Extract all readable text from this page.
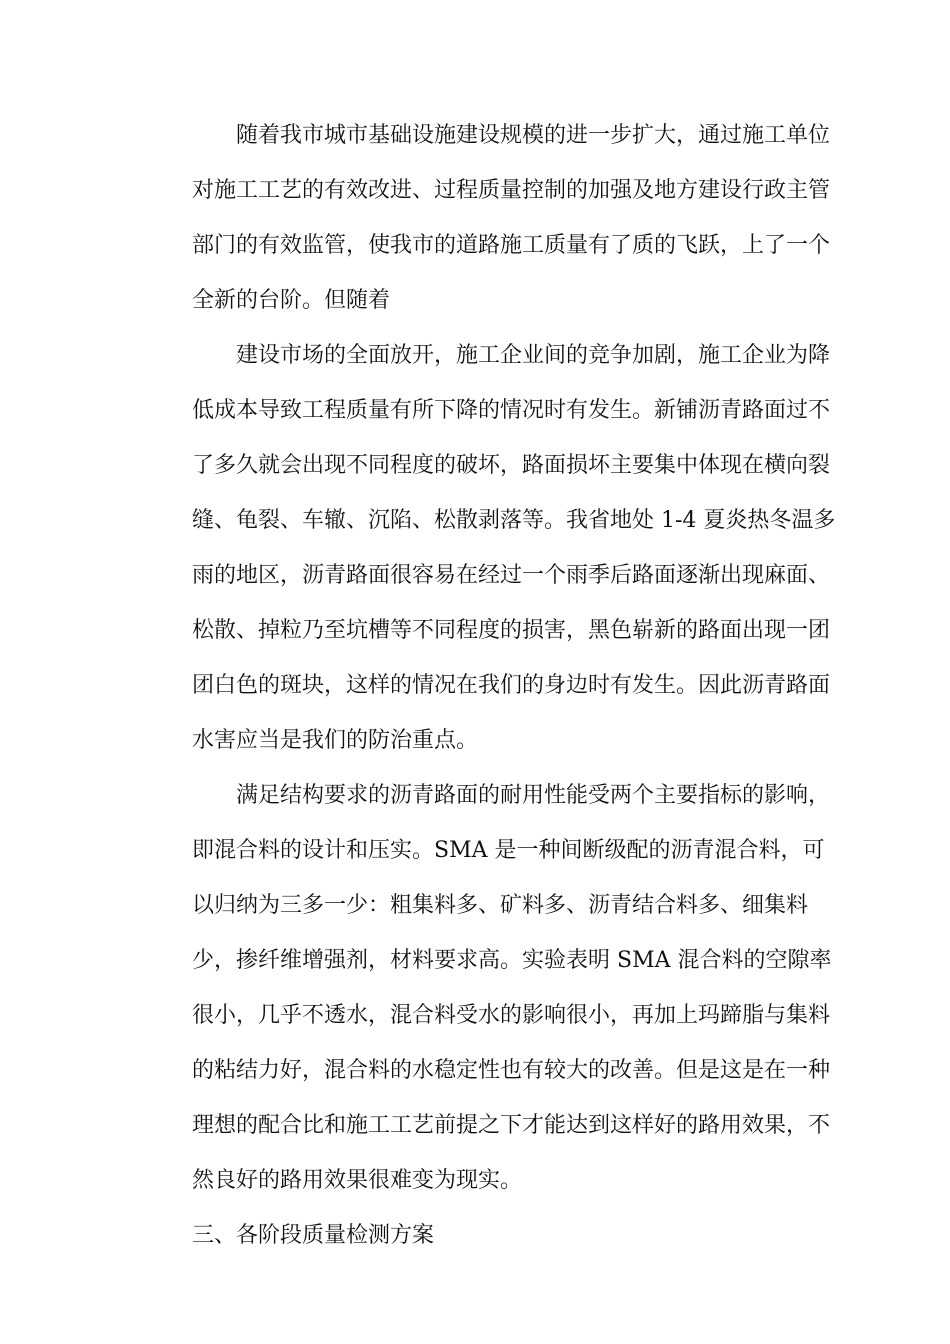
随着我市城市基础设施建设规模的进一步扩大，通过施工单位
对施工工艺的有效改进、过程质量控制的加强及地方建设行政主管
部门的有效监管，使我市的道路施工质量有了质的飞跃，上了一个
全新的台阶。但随着
建设市场的全面放开，施工企业间的竞争加剧，施工企业为降
低成本导致工程质量有所下降的情况时有发生。新铺沥青路面过不
了多久就会出现不同程度的破坏，路面损坏主要集中体现在横向裂
缝、龟裂、车辙、沉陷、松散剥落等。我省地处 1-4 夏炎热冬温多
雨的地区，沥青路面很容易在经过一个雨季后路面逐渐出现麻面、
松散、掉粒乃至坑槽等不同程度的损害，黑色崭新的路面出现一团
团白色的斑块，这样的情况在我们的身边时有发生。因此沥青路面
水害应当是我们的防治重点。
满足结构要求的沥青路面的耐用性能受两个主要指标的影响，
即混合料的设计和压实。SMA 是一种间断级配的沥青混合料，可
以归纳为三多一少：粗集料多、矿料多、沥青结合料多、细集料
少，掺纤维增强剂，材料要求高。实验表明 SMA 混合料的空隙率
很小，几乎不透水，混合料受水的影响很小，再加上玛蹄脂与集料
的粘结力好，混合料的水稳定性也有较大的改善。但是这是在一种
理想的配合比和施工工艺前提之下才能达到这样好的路用效果，不
然良好的路用效果很难变为现实。
三、各阶段质量检测方案
